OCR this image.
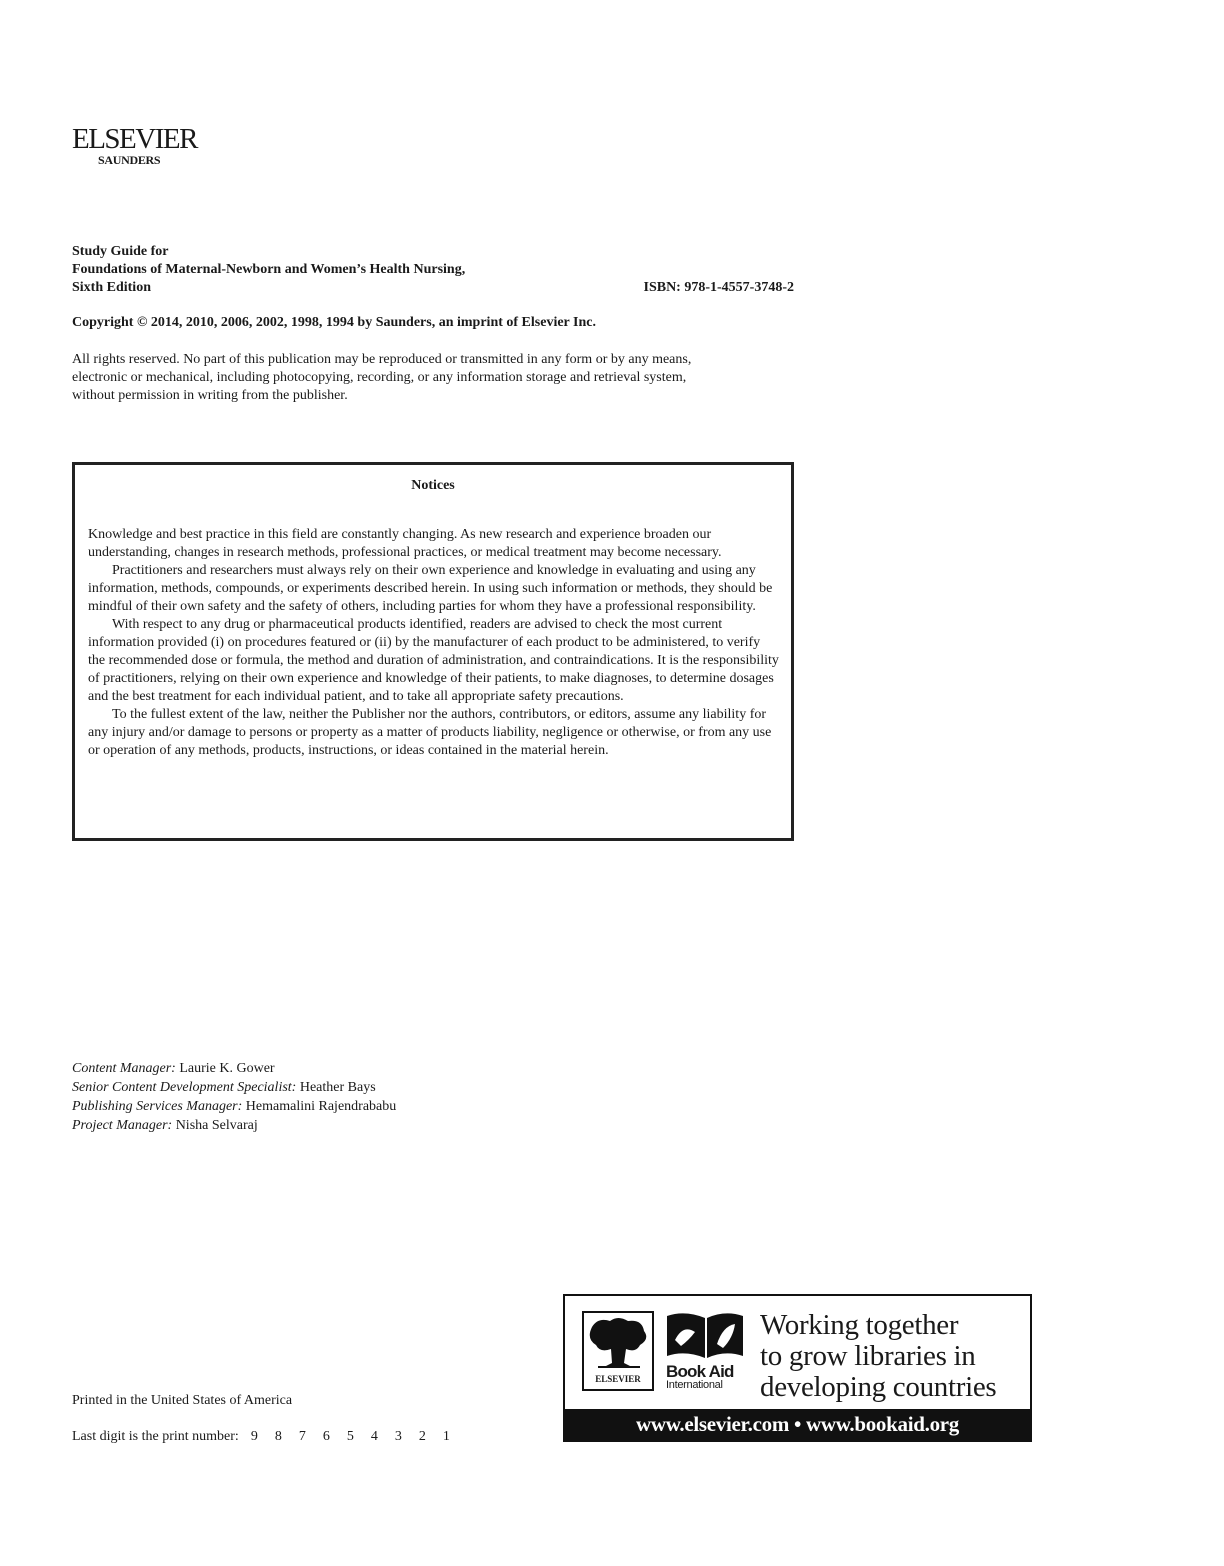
ELSEVIER
SAUNDERS
Study Guide for
Foundations of Maternal-Newborn and Women’s Health Nursing,
Sixth Edition	ISBN: 978-1-4557-3748-2
Copyright © 2014, 2010, 2006, 2002, 1998, 1994 by Saunders, an imprint of Elsevier Inc.
All rights reserved. No part of this publication may be reproduced or transmitted in any form or by any means,
electronic or mechanical, including photocopying, recording, or any information storage and retrieval system,
without permission in writing from the publisher.
Notices

Knowledge and best practice in this field are constantly changing. As new research and experience broaden our understanding, changes in research methods, professional practices, or medical treatment may become necessary.

Practitioners and researchers must always rely on their own experience and knowledge in evaluating and using any information, methods, compounds, or experiments described herein. In using such information or methods, they should be mindful of their own safety and the safety of others, including parties for whom they have a professional responsibility.

With respect to any drug or pharmaceutical products identified, readers are advised to check the most current information provided (i) on procedures featured or (ii) by the manufacturer of each product to be administered, to verify the recommended dose or formula, the method and duration of administration, and contraindications. It is the responsibility of practitioners, relying on their own experience and knowledge of their patients, to make diagnoses, to determine dosages and the best treatment for each individual patient, and to take all appropriate safety precautions.

To the fullest extent of the law, neither the Publisher nor the authors, contributors, or editors, assume any liability for any injury and/or damage to persons or property as a matter of products liability, negligence or otherwise, or from any use or operation of any methods, products, instructions, or ideas contained in the material herein.

Content Manager: Laurie K. Gower
Senior Content Development Specialist: Heather Bays
Publishing Services Manager: Hemamalini Rajendrababu
Project Manager: Nisha Selvaraj
Printed in the United States of America
Last digit is the print number: 9 8 7 6 5 4 3 2 1
ELSEVIER	Book Aid
International
Working together
to grow libraries in
developing countries
www.elsevier.com • www.bookaid.org
